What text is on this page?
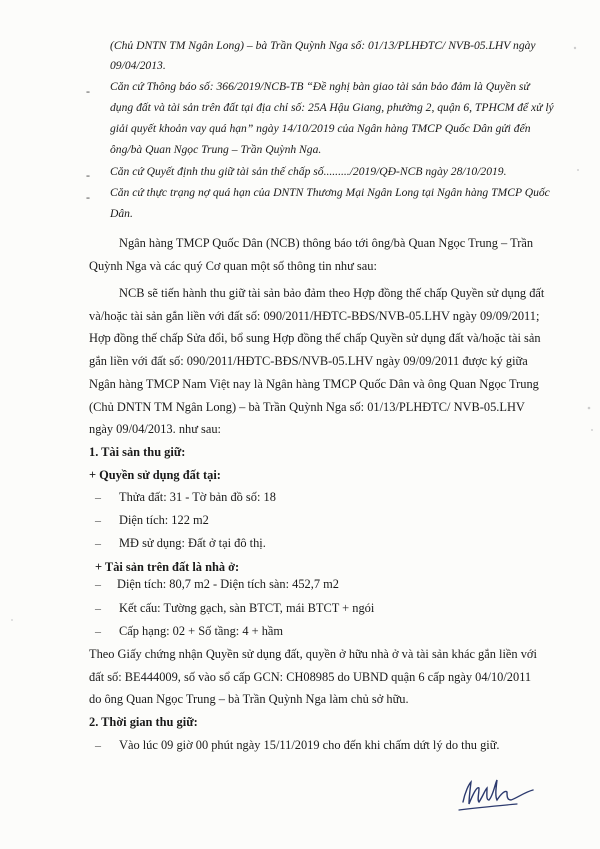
(Chủ DNTN TM Ngân Long) – bà Trần Quỳnh Nga số: 01/13/PLHĐTC/ NVB-05.LHV ngày
09/04/2013.
- Căn cứ Thông báo số: 366/2019/NCB-TB “Đề nghị bàn giao tài sản bảo đảm là Quyền sử
dụng đất và tài sản trên đất tại địa chỉ số: 25A Hậu Giang, phường 2, quận 6, TPHCM để xử lý
giải quyết khoản vay quá hạn” ngày 14/10/2019 của Ngân hàng TMCP Quốc Dân gửi đến
ông/bà Quan Ngọc Trung – Trần Quỳnh Nga.
- Căn cứ Quyết định thu giữ tài sản thế chấp số........./2019/QĐ-NCB ngày 28/10/2019.
- Căn cứ thực trạng nợ quá hạn của DNTN Thương Mại Ngân Long tại Ngân hàng TMCP Quốc
Dân.
Ngân hàng TMCP Quốc Dân (NCB) thông báo tới ông/bà Quan Ngọc Trung – Trần
Quỳnh Nga và các quý Cơ quan một số thông tin như sau:
NCB sẽ tiến hành thu giữ tài sản bảo đảm theo Hợp đồng thế chấp Quyền sử dụng đất
và/hoặc tài sản gắn liền với đất số: 090/2011/HĐTC-BĐS/NVB-05.LHV ngày 09/09/2011;
Hợp đồng thế chấp Sửa đổi, bổ sung Hợp đồng thế chấp Quyền sử dụng đất và/hoặc tài sản
gắn liền với đất số: 090/2011/HĐTC-BĐS/NVB-05.LHV ngày 09/09/2011 được ký giữa
Ngân hàng TMCP Nam Việt nay là Ngân hàng TMCP Quốc Dân và ông Quan Ngọc Trung
(Chủ DNTN TM Ngân Long) – bà Trần Quỳnh Nga số: 01/13/PLHĐTC/ NVB-05.LHV
ngày 09/04/2013. như sau:
1. Tài sản thu giữ:
+ Quyền sử dụng đất tại:
– Thửa đất: 31 - Tờ bản đồ số: 18
– Diện tích: 122 m2
– MĐ sử dụng: Đất ở tại đô thị.
+ Tài sản trên đất là nhà ở:
– Diện tích: 80,7 m2 - Diện tích sàn: 452,7 m2
– Kết cấu: Tường gạch, sàn BTCT, mái BTCT + ngói
– Cấp hạng: 02 + Số tầng: 4 + hầm
Theo Giấy chứng nhận Quyền sử dụng đất, quyền ở hữu nhà ở và tài sản khác gắn liền với
đất số: BE444009, số vào sổ cấp GCN: CH08985 do UBND quận 6 cấp ngày 04/10/2011
do ông Quan Ngọc Trung – bà Trần Quỳnh Nga làm chủ sở hữu.
2. Thời gian thu giữ:
– Vào lúc 09 giờ 00 phút ngày 15/11/2019 cho đến khi chấm dứt lý do thu giữ.
